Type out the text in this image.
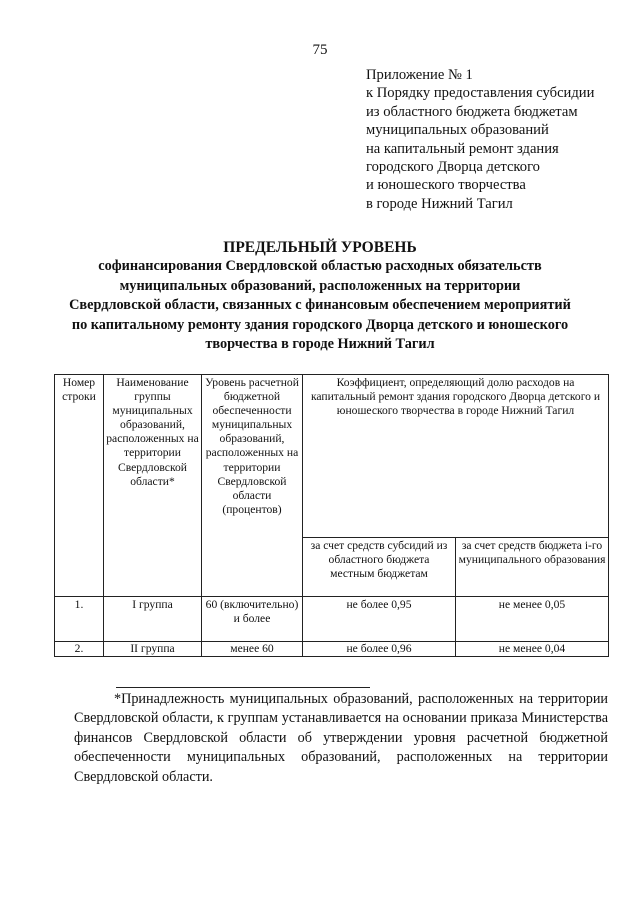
75
Приложение № 1
к Порядку предоставления субсидии
из областного бюджета бюджетам
муниципальных образований
на капитальный ремонт здания
городского Дворца детского
и юношеского творчества
в городе Нижний Тагил
ПРЕДЕЛЬНЫЙ УРОВЕНЬ
софинансирования Свердловской областью расходных обязательств
муниципальных образований, расположенных на территории
Свердловской области, связанных с финансовым обеспечением мероприятий
по капитальному ремонту здания городского Дворца детского и юношеского
творчества в городе Нижний Тагил
Номер строки	Наименование группы муниципальных образований, расположенных на территории Свердловской области*	Уровень расчетной бюджетной обеспеченности муниципальных образований, расположенных на территории Свердловской области (процентов)	Коэффициент, определяющий долю расходов на капитальный ремонт здания городского Дворца детского и юношеского творчества в городе Нижний Тагил	
			за счет средств субсидий из областного бюджета местным бюджетам	за счет средств бюджета i-го муниципального образования
1.	I группа	60 (включительно) и более	не более 0,95	не менее 0,05
2.	II группа	менее 60	не более 0,96	не менее 0,04
*Принадлежность муниципальных образований, расположенных на территории Свердловской области, к группам устанавливается на основании приказа Министерства финансов Свердловской области об утверждении уровня расчетной бюджетной обеспеченности муниципальных образований, расположенных на территории Свердловской области.
